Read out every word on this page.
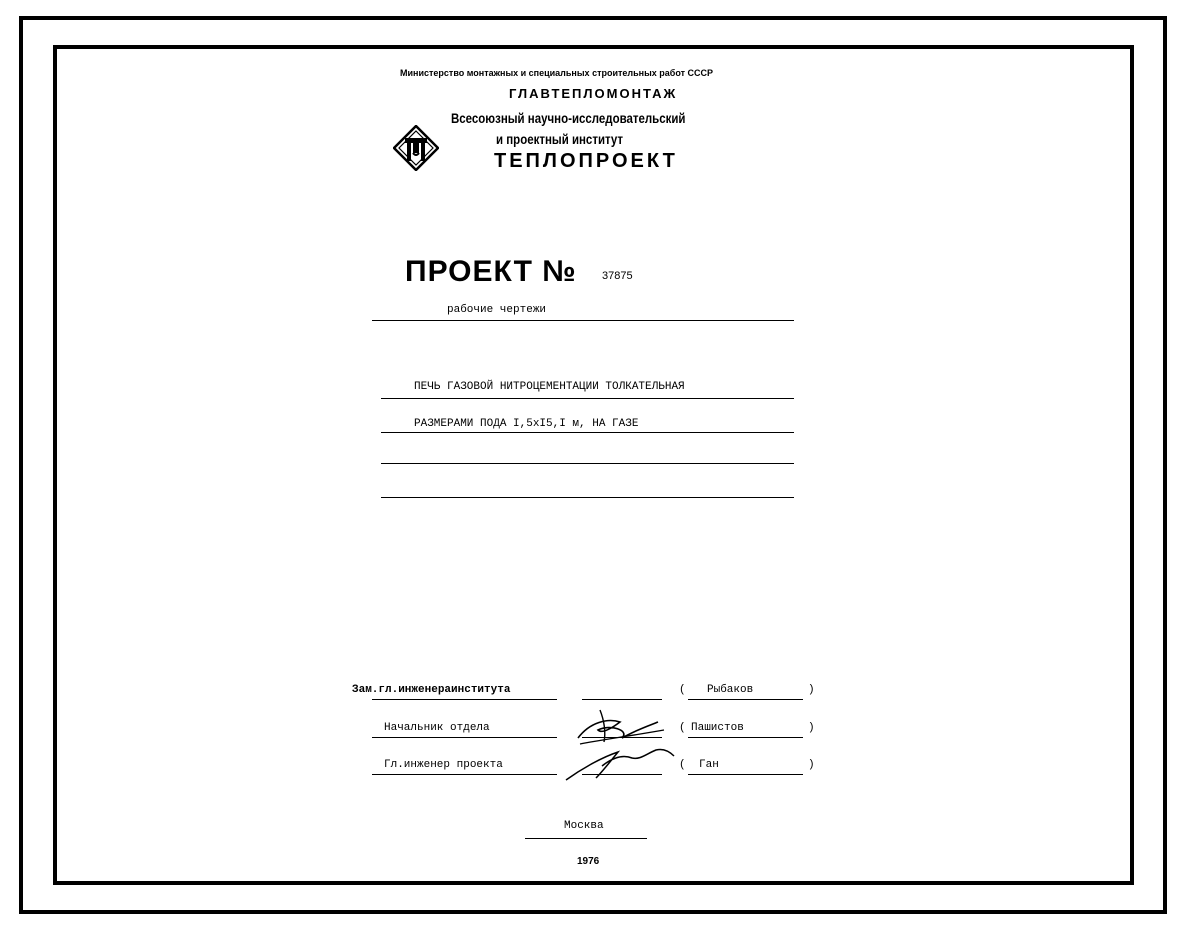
Министерство монтажных и специальных строительных работ СССР
ГЛАВТЕПЛОМОНТАЖ
Всесоюзный научно-исследовательский
и проектный институт
ТЕПЛОПРОЕКТ
ПРОЕКТ № 37875
рабочие чертежи
ПЕЧЬ ГАЗОВОЙ НИТРОЦЕМЕНТАЦИИ ТОЛКАТЕЛЬНАЯ
РАЗМЕРАМИ ПОДА I,5xI5,I м, НА ГАЗЕ
Зам.гл.инженераинститута	( Рыбаков	)
Начальник отдела	( Пашистов	)
Гл.инженер проекта	( Ган	)
Москва
1976
